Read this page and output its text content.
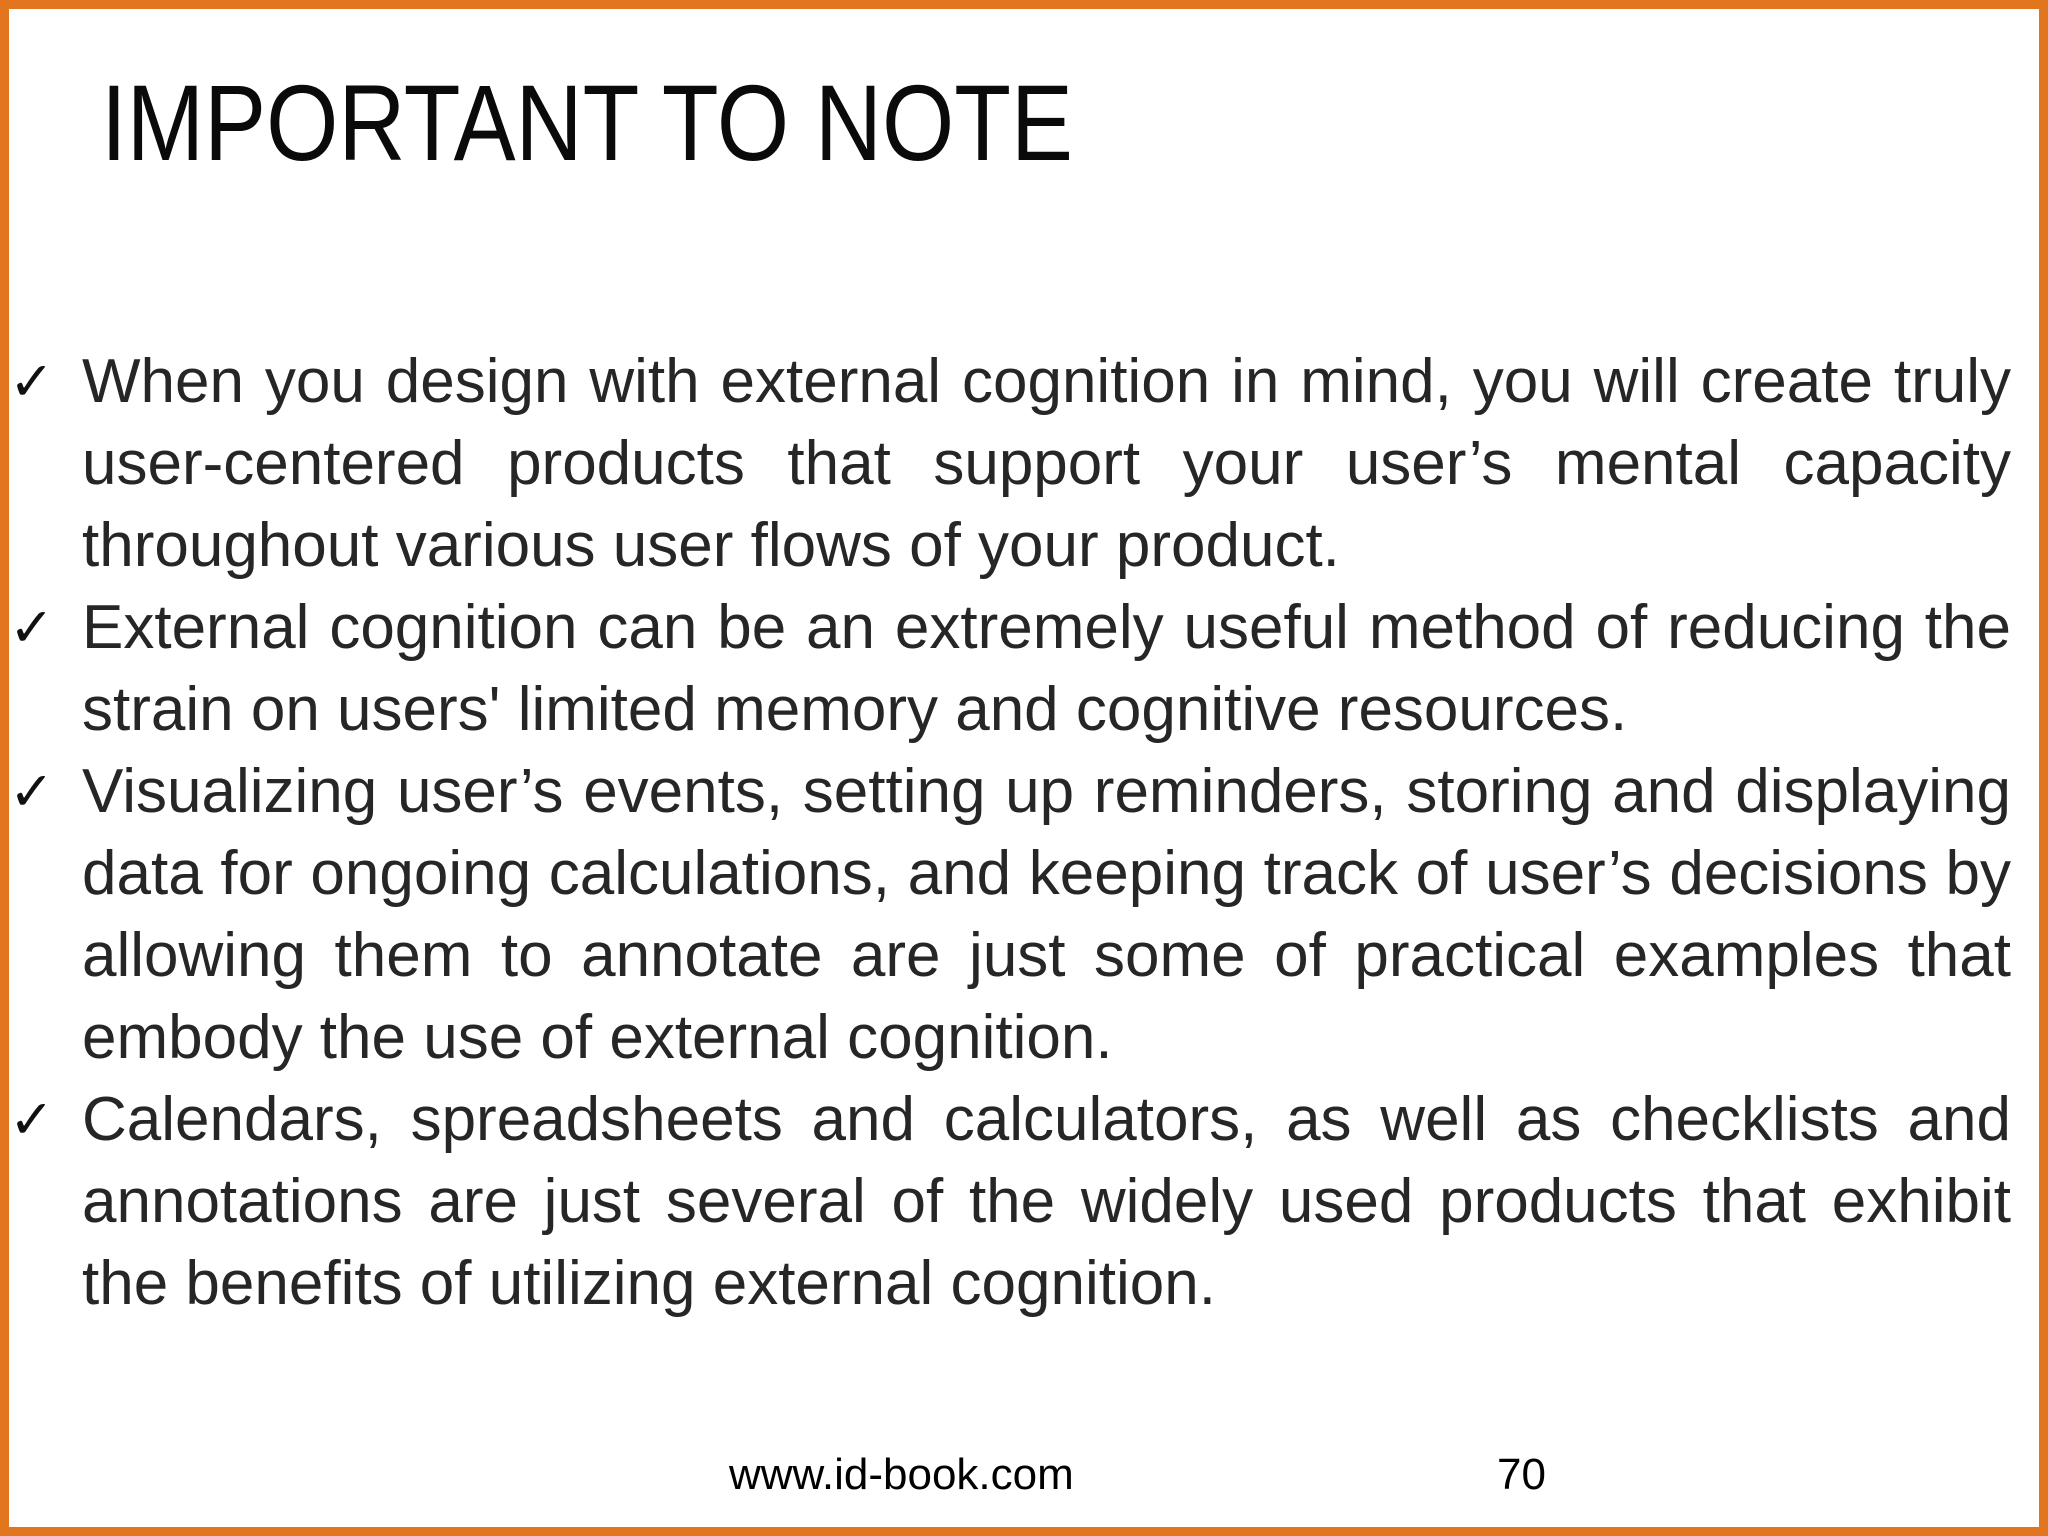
IMPORTANT TO NOTE
✓ When you design with external cognition in mind, you will create truly user-centered products that support your user’s mental capacity throughout various user flows of your product.
✓ External cognition can be an extremely useful method of reducing the strain on users' limited memory and cognitive resources.
✓ Visualizing user’s events, setting up reminders, storing and displaying data for ongoing calculations, and keeping track of user’s decisions by allowing them to annotate are just some of practical examples that embody the use of external cognition.
✓ Calendars, spreadsheets and calculators, as well as checklists and annotations are just several of the widely used products that exhibit the benefits of utilizing external cognition.
www.id-book.com	70
